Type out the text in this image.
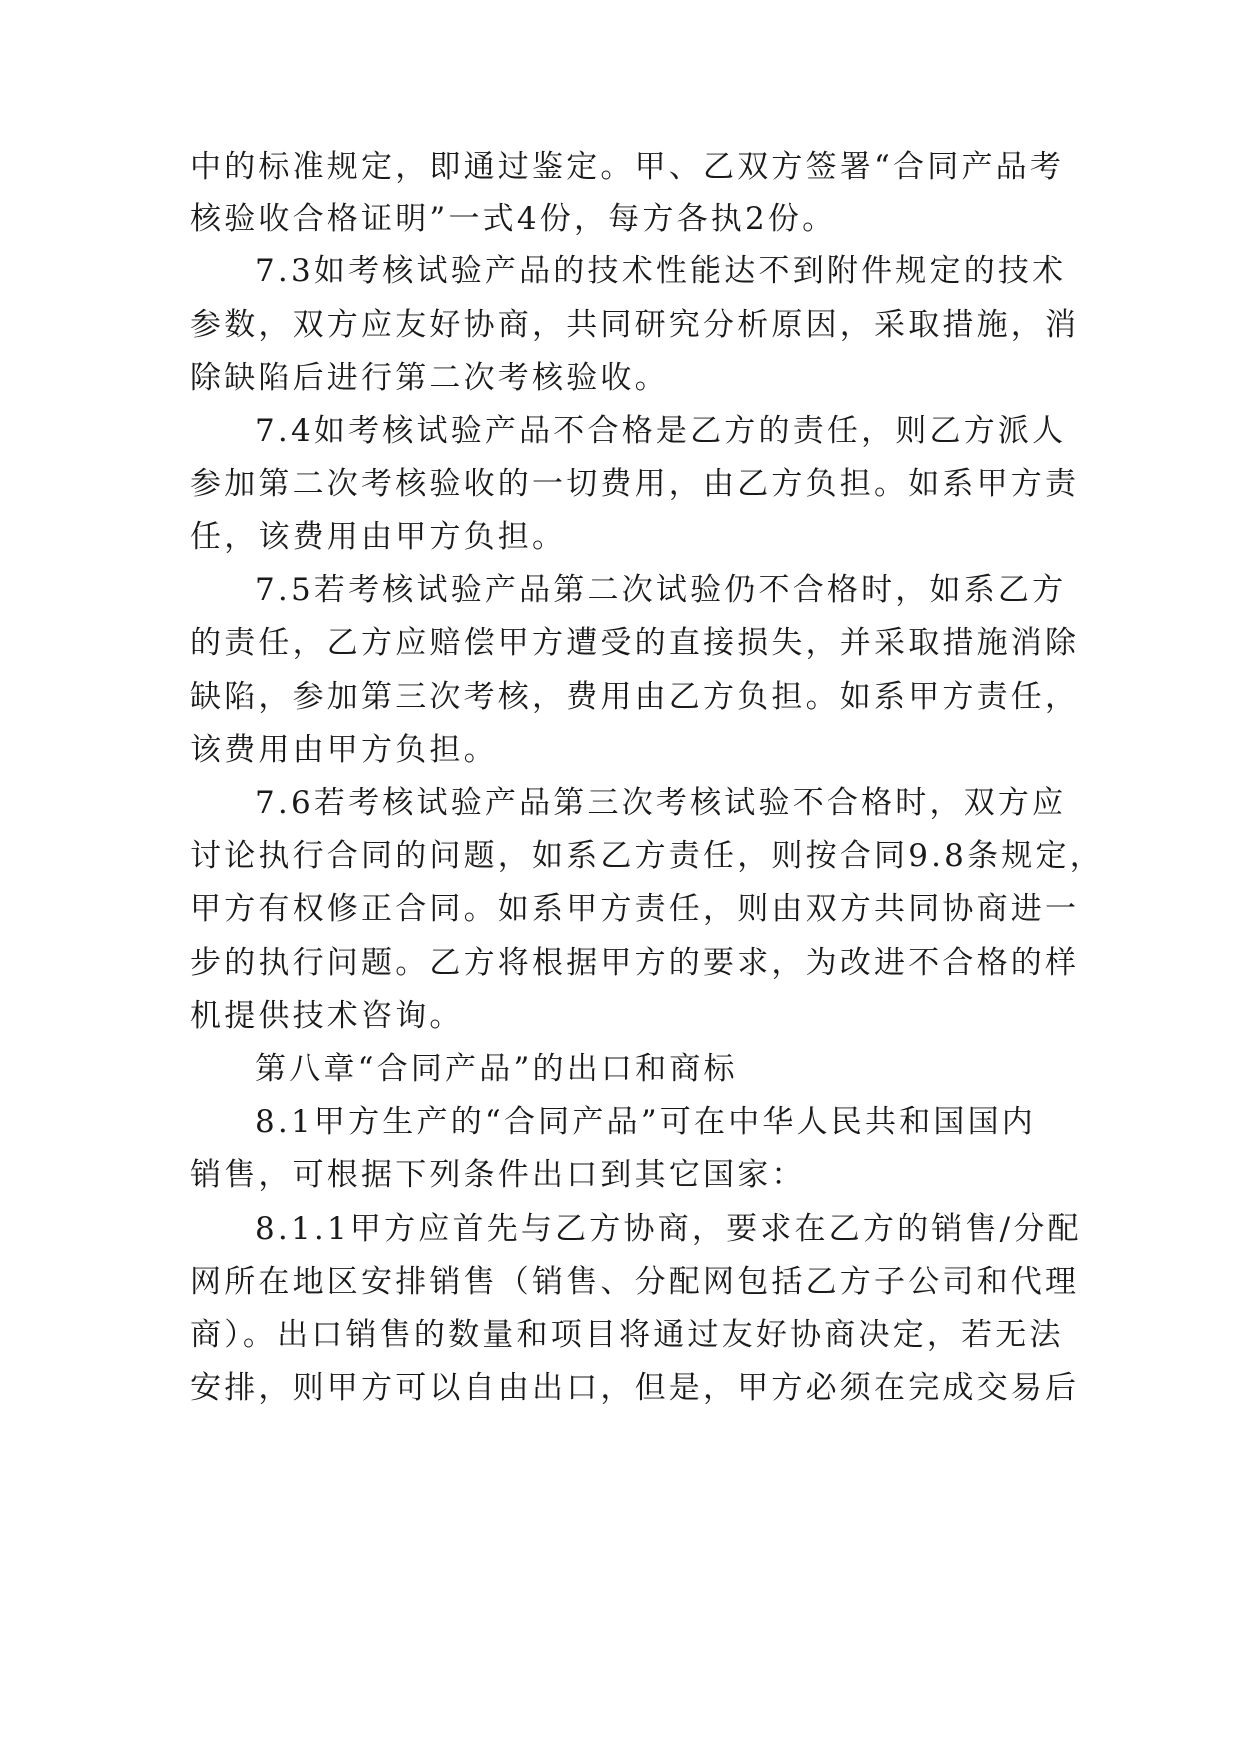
中的标准规定，即通过鉴定。甲、乙双方签署“合同产品考

核验收合格证明”一式4份，每方各执2份。

7.3如考核试验产品的技术性能达不到附件规定的技术

参数，双方应友好协商，共同研究分析原因，采取措施，消

除缺陷后进行第二次考核验收。

7.4如考核试验产品不合格是乙方的责任，则乙方派人

参加第二次考核验收的一切费用，由乙方负担。如系甲方责

任，该费用由甲方负担。

7.5若考核试验产品第二次试验仍不合格时，如系乙方

的责任，乙方应赔偿甲方遭受的直接损失，并采取措施消除

缺陷，参加第三次考核，费用由乙方负担。如系甲方责任，

该费用由甲方负担。

7.6若考核试验产品第三次考核试验不合格时，双方应

讨论执行合同的问题，如系乙方责任，则按合同9.8条规定，

甲方有权修正合同。如系甲方责任，则由双方共同协商进一

步的执行问题。乙方将根据甲方的要求，为改进不合格的样

机提供技术咨询。

第八章“合同产品”的出口和商标

8.1甲方生产的“合同产品”可在中华人民共和国国内

销售，可根据下列条件出口到其它国家：

8.1.1甲方应首先与乙方协商，要求在乙方的销售/分配

网所在地区安排销售（销售、分配网包括乙方子公司和代理

商）。出口销售的数量和项目将通过友好协商决定，若无法

安排，则甲方可以自由出口，但是，甲方必须在完成交易后
